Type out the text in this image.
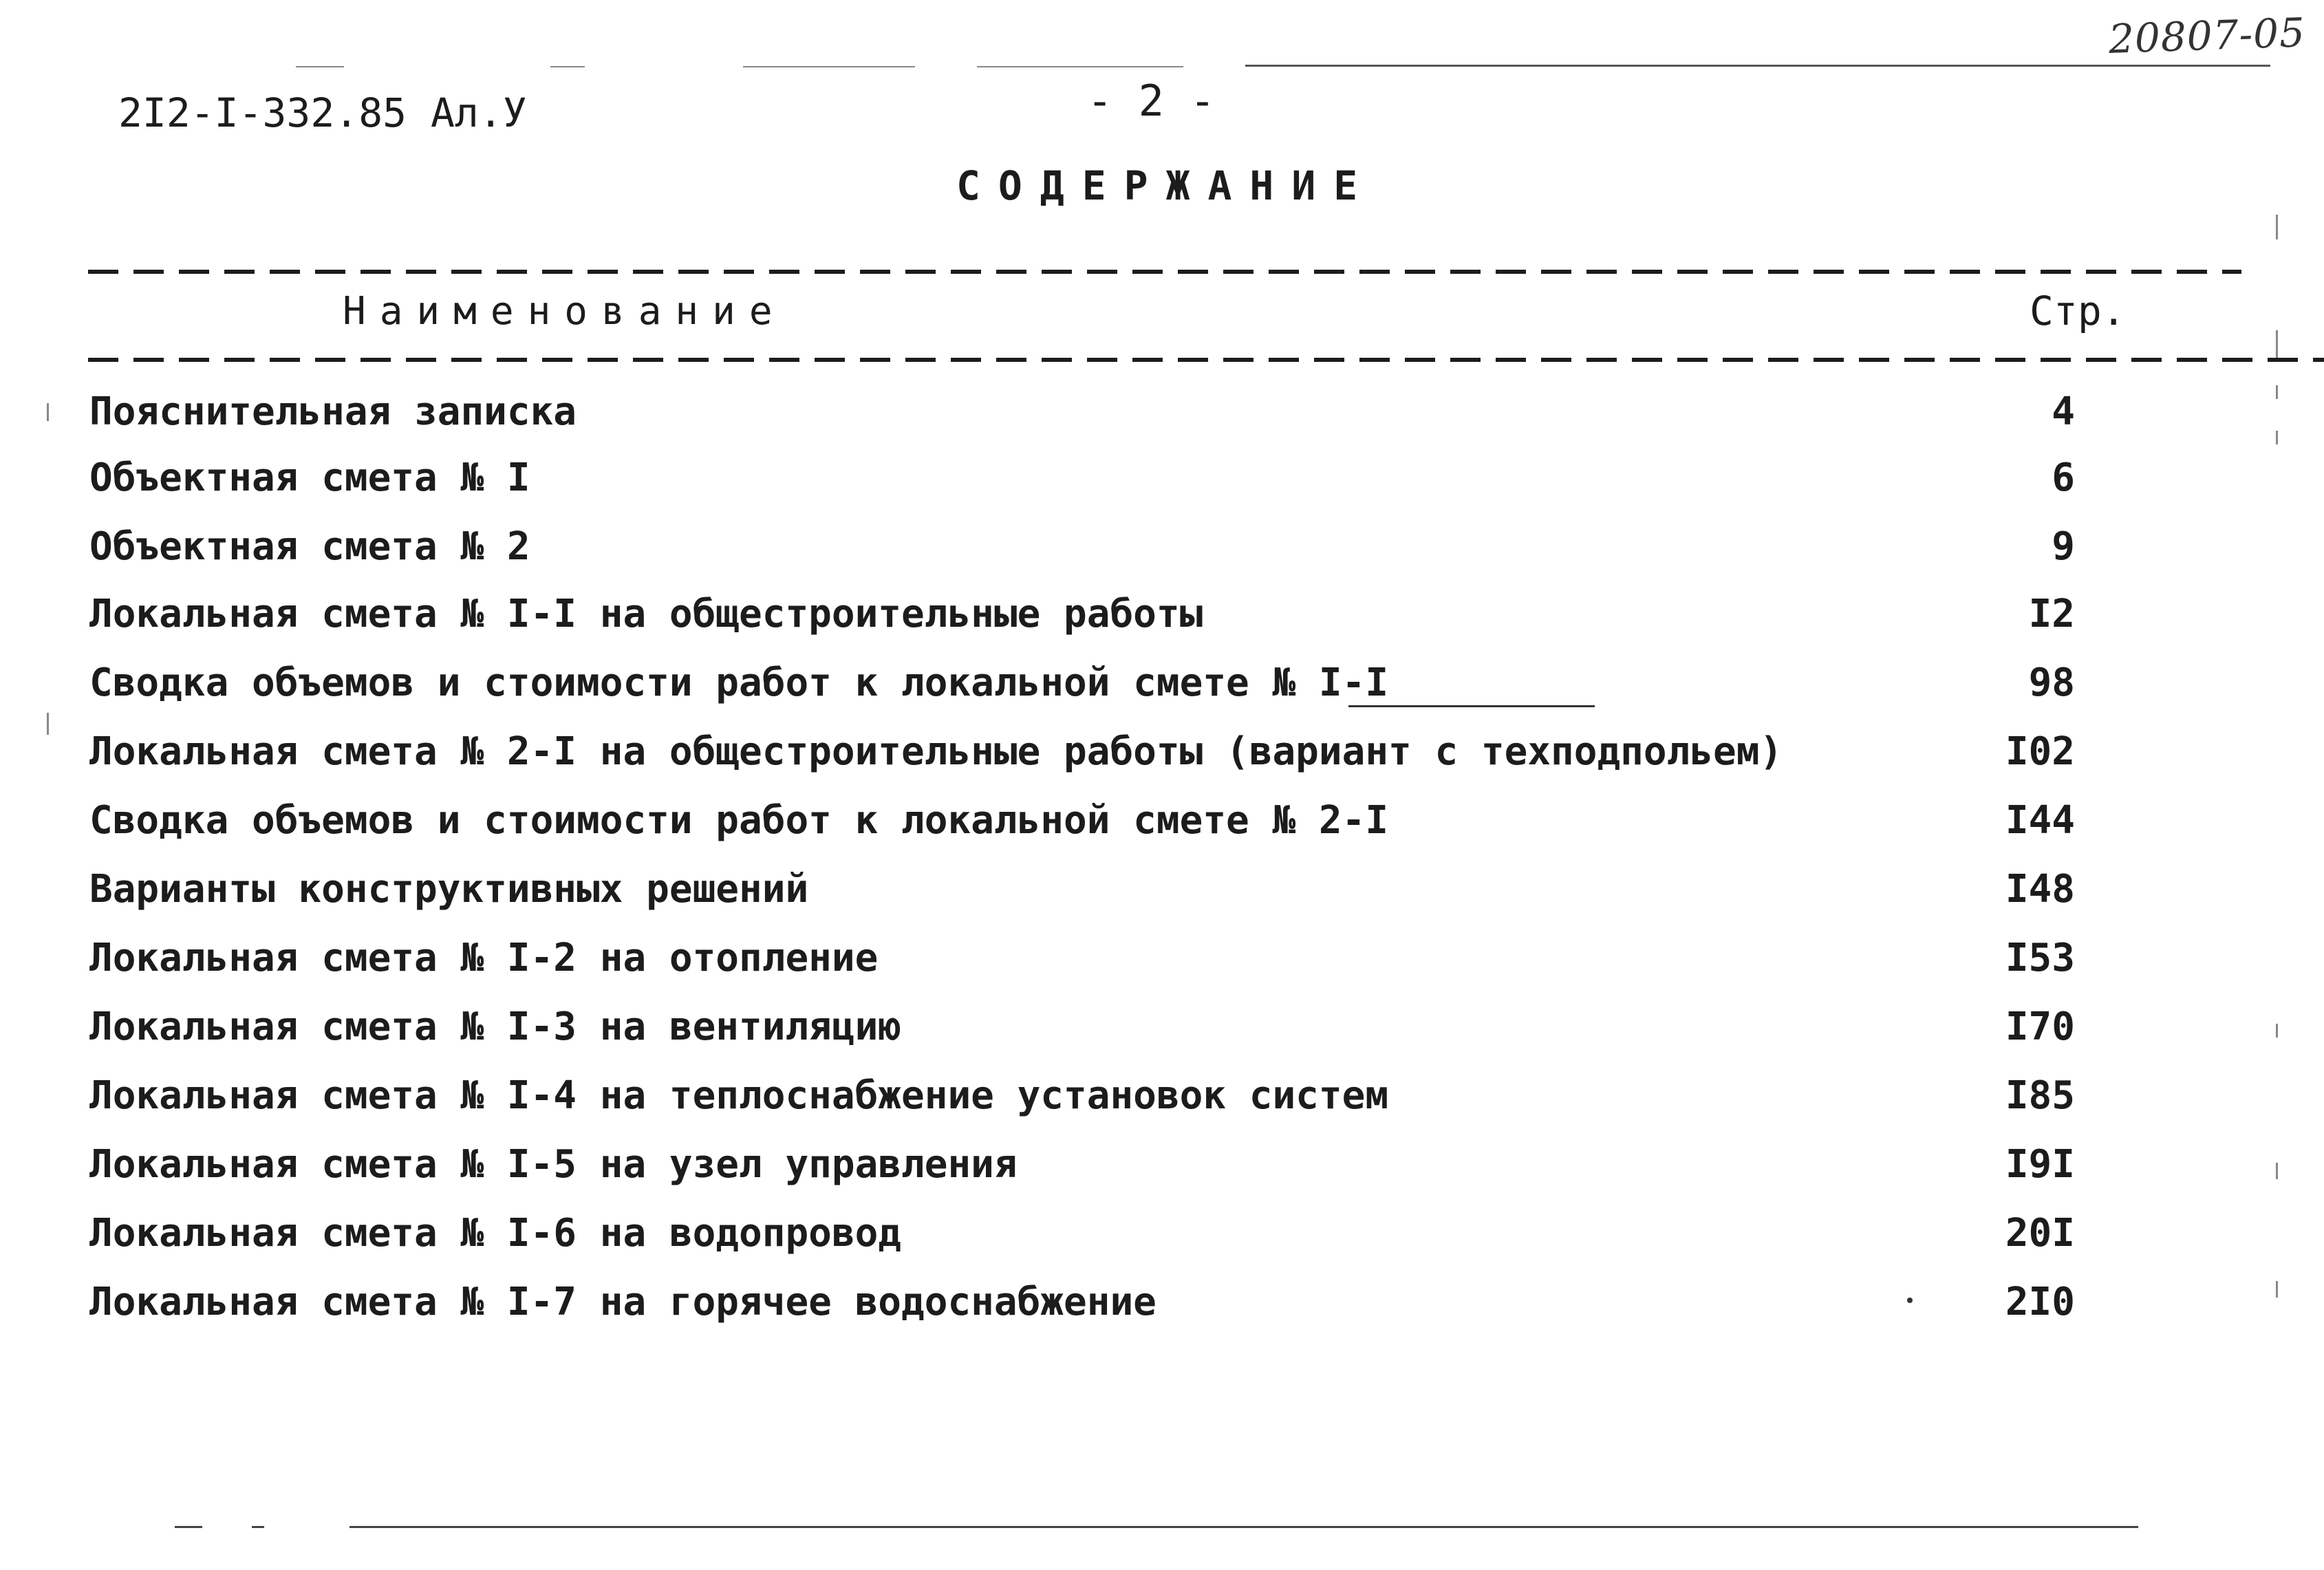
20807-05
2I2-I-332.85 Ал.У	- 2 -
СОДЕРЖАНИЕ
Наименование	Стр.
Пояснительная записка	4
Объектная смета № I	6
Объектная смета № 2	9
Локальная смета № I-I на общестроительные работы	I2
Сводка объемов и стоимости работ к локальной смете № I-I	98
Локальная смета № 2-I на общестроительные работы (вариант с техподпольем)	I02
Сводка объемов и стоимости работ к локальной смете № 2-I	I44
Варианты конструктивных решений	I48
Локальная смета № I-2 на отопление	I53
Локальная смета № I-3 на вентиляцию	I70
Локальная смета № I-4 на теплоснабжение установок систем	I85
Локальная смета № I-5 на узел управления	I9I
Локальная смета № I-6 на водопровод	20I
Локальная смета № I-7 на горячее водоснабжение	2I0
